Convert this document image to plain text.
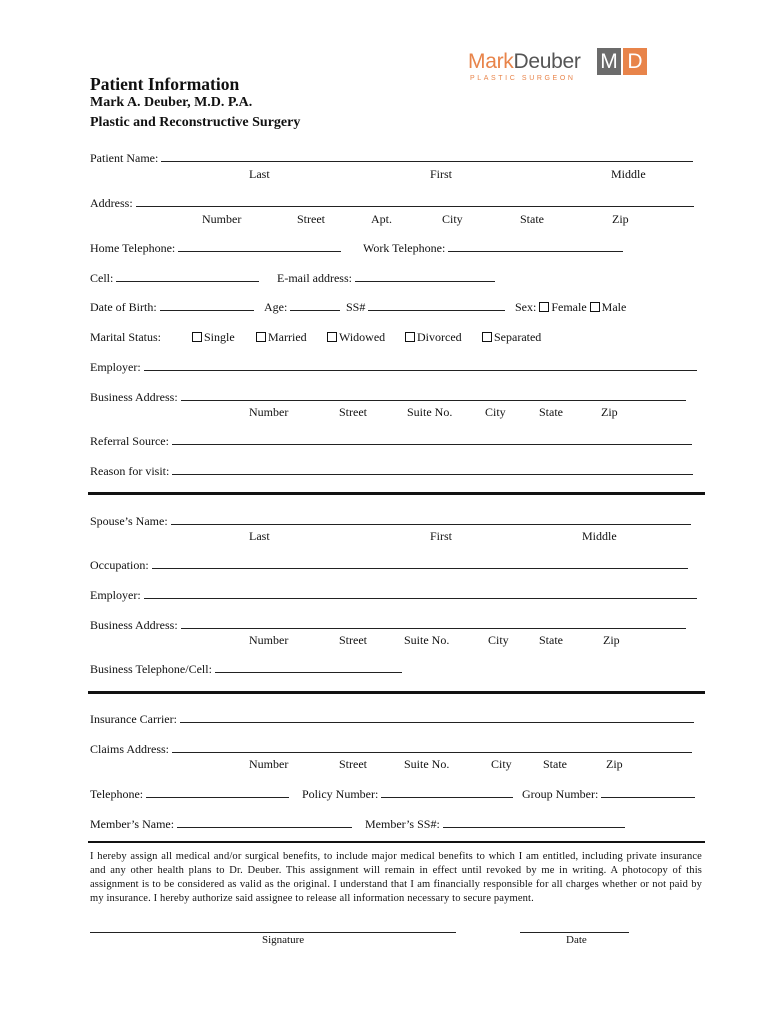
MarkDeuber M D
PLASTIC SURGEON
Patient Information
Mark A. Deuber, M.D. P.A.
Plastic and Reconstructive Surgery
Patient Name:
Last	First	Middle
Address:
Number	Street	Apt.	City	State	Zip
Home Telephone:	Work Telephone:
Cell:	E-mail address:
Date of Birth:	Age:	SS#	Sex: Female Male
Marital Status:	Single	Married	Widowed	Divorced	Separated
Employer:
Business Address:
Number	Street	Suite No.	City	State	Zip
Referral Source:
Reason for visit:
Spouse’s Name:
Last	First	Middle
Occupation:
Employer:
Business Address:
Number	Street	Suite No.	City	State	Zip
Business Telephone/Cell:
Insurance Carrier:
Claims Address:
Number	Street	Suite No.	City	State	Zip
Telephone:	Policy Number:	Group Number:
Member’s Name:	Member’s SS#:
I hereby assign all medical and/or surgical benefits, to include major medical benefits to which I am entitled, including private insurance and any other health plans to Dr. Deuber. This assignment will remain in effect until revoked by me in writing. A photocopy of this assignment is to be considered as valid as the original. I understand that I am financially responsible for all charges whether or not paid by my insurance. I hereby authorize said assignee to release all information necessary to secure payment.
Signature	Date
